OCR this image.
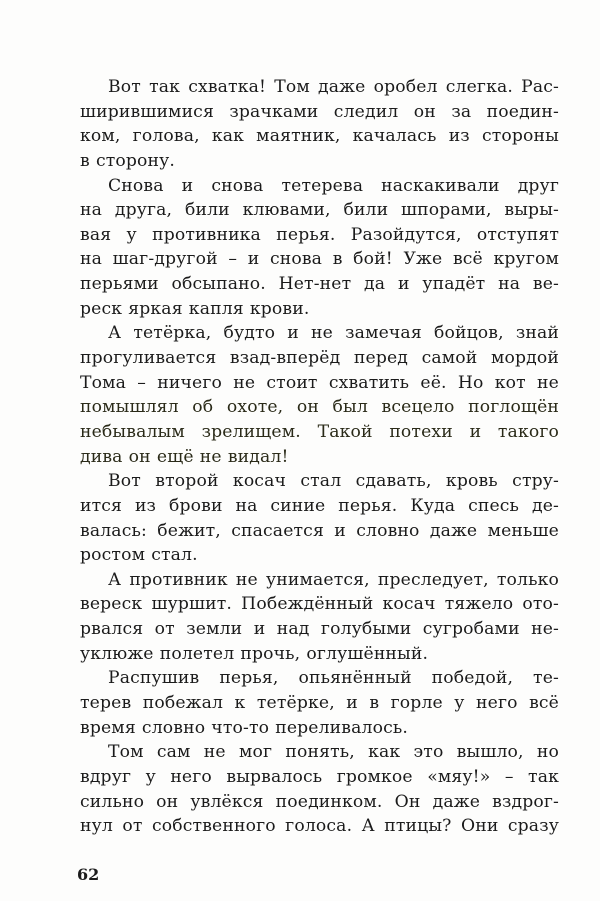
Вот так схватка! Том даже оробел слегка. Рас-
ширившимися зрачками следил он за поедин-
ком, голова, как маятник, качалась из стороны
в сторону.

Снова и снова тетерева наскакивали друг
на друга, били клювами, били шпорами, выры-
вая у противника перья. Разойдутся, отступят
на шаг-другой – и снова в бой! Уже всё кругом
перьями обсыпано. Нет-нет да и упадёт на ве-
реск яркая капля крови.

А тетёрка, будто и не замечая бойцов, знай
прогуливается взад-вперёд перед самой мордой
Тома – ничего не стоит схватить её. Но кот не
помышлял об охоте, он был всецело поглощён
небывалым зрелищем. Такой потехи и такого
дива он ещё не видал!

Вот второй косач стал сдавать, кровь стру-
ится из брови на синие перья. Куда спесь де-
валась: бежит, спасается и словно даже меньше
ростом стал.

А противник не унимается, преследует, только
вереск шуршит. Побеждённый косач тяжело ото-
рвался от земли и над голубыми сугробами не-
уклюже полетел прочь, оглушённый.

Распушив перья, опьянённый победой, те-
терев побежал к тетёрке, и в горле у него всё
время словно что-то переливалось.

Том сам не мог понять, как это вышло, но
вдруг у него вырвалось громкое «мяу!» – так
сильно он увлёкся поединком. Он даже вздрог-
нул от собственного голоса. А птицы? Они сразу

62
